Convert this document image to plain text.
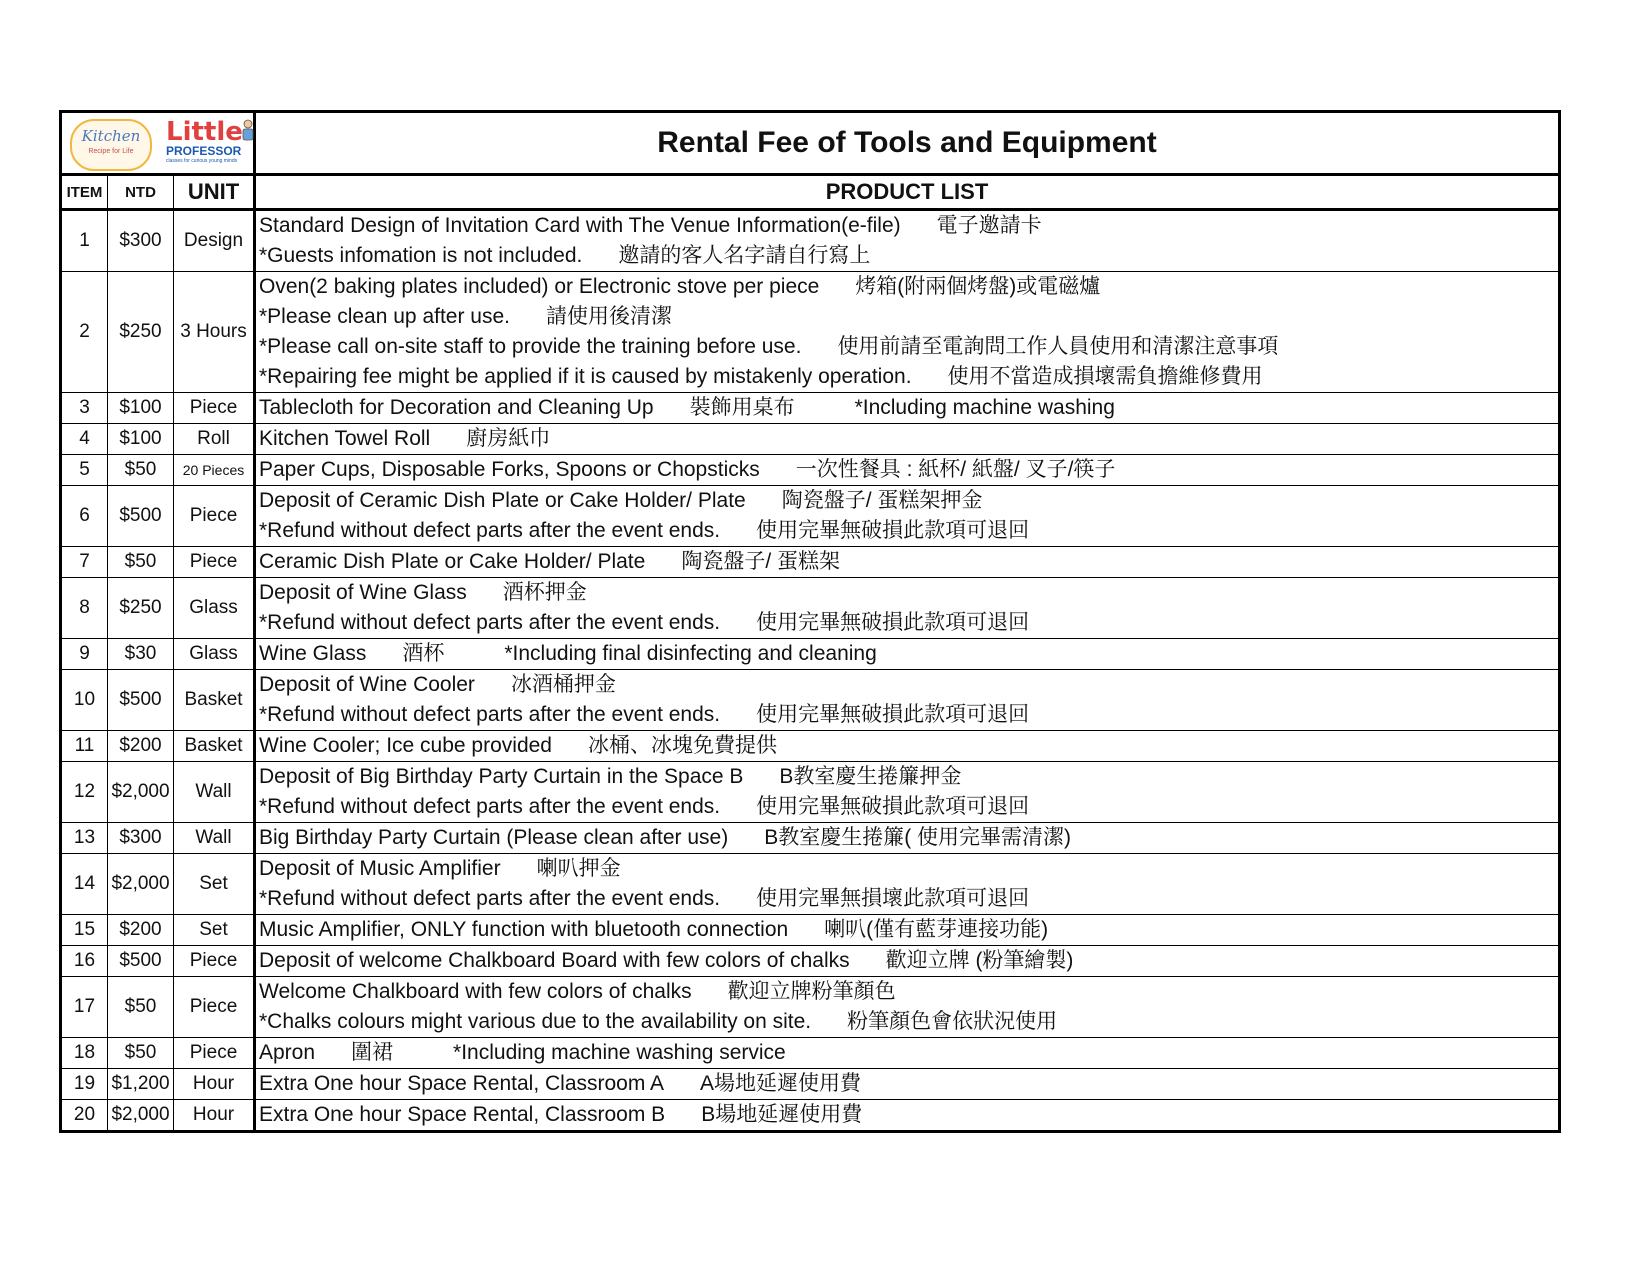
Kitchen
Recipe for Life
Little
PROFESSOR
classes for curious young minds			Rental Fee of Tools and Equipment
ITEM	NTD	UNIT	PRODUCT LIST
1	$300	Design	Standard Design of Invitation Card with The Venue Information(e-file) 電子邀請卡
*Guests infomation is not included. 邀請的客人名字請自行寫上

2	$250	3 Hours	Oven(2 baking plates included) or Electronic stove per piece 烤箱(附兩個烤盤)或電磁爐
*Please clean up after use. 請使用後清潔
*Please call on-site staff to provide the training before use. 使用前請至電詢問工作人員使用和清潔注意事項
*Repairing fee might be applied if it is caused by mistakenly operation. 使用不當造成損壞需負擔維修費用

3	$100	Piece	Tablecloth for Decoration and Cleaning Up 裝飾用桌布 *Including machine washing

4	$100	Roll	Kitchen Towel Roll 廚房紙巾

5	$50	20 Pieces	Paper Cups, Disposable Forks, Spoons or Chopsticks 一次性餐具 : 紙杯/ 紙盤/ 叉子/筷子

6	$500	Piece	Deposit of Ceramic Dish Plate or Cake Holder/ Plate 陶瓷盤子/ 蛋糕架押金
*Refund without defect parts after the event ends. 使用完畢無破損此款項可退回

7	$50	Piece	Ceramic Dish Plate or Cake Holder/ Plate 陶瓷盤子/ 蛋糕架

8	$250	Glass	Deposit of Wine Glass 酒杯押金
*Refund without defect parts after the event ends. 使用完畢無破損此款項可退回

9	$30	Glass	Wine Glass 酒杯 *Including final disinfecting and cleaning

10	$500	Basket	Deposit of Wine Cooler 冰酒桶押金
*Refund without defect parts after the event ends. 使用完畢無破損此款項可退回

11	$200	Basket	Wine Cooler; Ice cube provided 冰桶、冰塊免費提供

12	$2,000	Wall	Deposit of Big Birthday Party Curtain in the Space B B教室慶生捲簾押金
*Refund without defect parts after the event ends. 使用完畢無破損此款項可退回

13	$300	Wall	Big Birthday Party Curtain (Please clean after use) B教室慶生捲簾( 使用完畢需清潔)

14	$2,000	Set	Deposit of Music Amplifier 喇叭押金
*Refund without defect parts after the event ends. 使用完畢無損壞此款項可退回

15	$200	Set	Music Amplifier, ONLY function with bluetooth connection 喇叭(僅有藍芽連接功能)

16	$500	Piece	Deposit of welcome Chalkboard Board with few colors of chalks 歡迎立牌 (粉筆繪製)

17	$50	Piece	Welcome Chalkboard with few colors of chalks 歡迎立牌粉筆顏色
*Chalks colours might various due to the availability on site. 粉筆顏色會依狀況使用

18	$50	Piece	Apron 圍裙 *Including machine washing service

19	$1,200	Hour	Extra One hour Space Rental, Classroom A A場地延遲使用費

20	$2,000	Hour	Extra One hour Space Rental, Classroom B B場地延遲使用費
